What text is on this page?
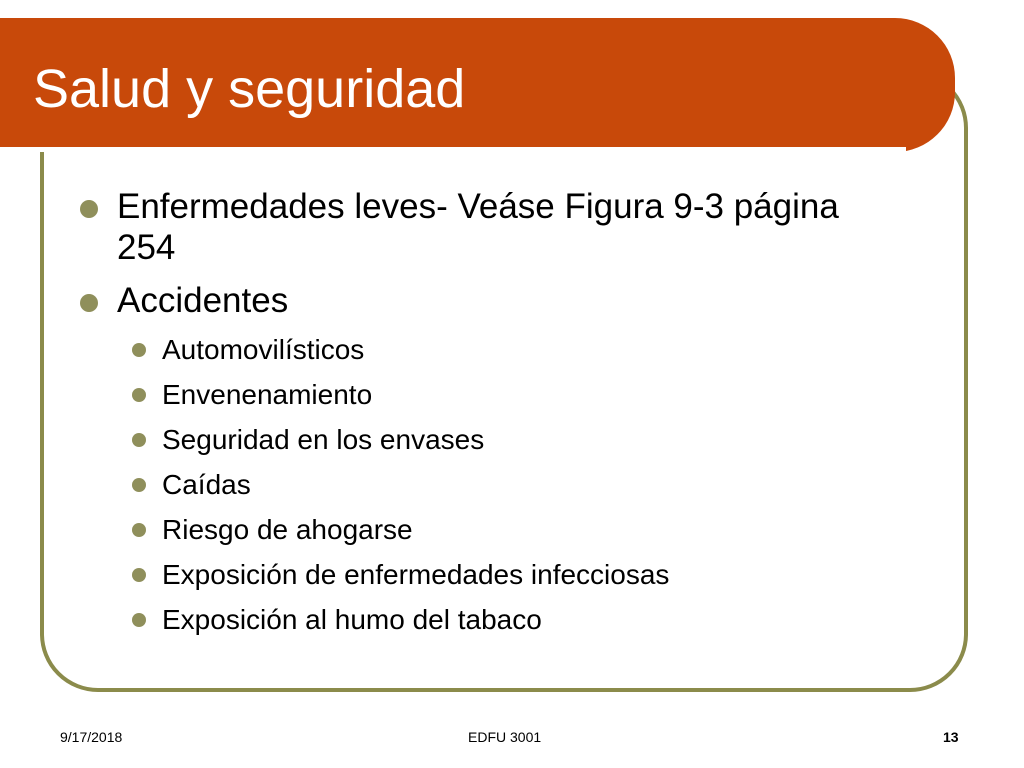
Salud y seguridad
Enfermedades leves- Veáse Figura 9-3 página
254
Accidentes
Automovilísticos
Envenenamiento
Seguridad en los envases
Caídas
Riesgo de ahogarse
Exposición de enfermedades infecciosas
Exposición al humo del tabaco
9/17/2018	EDFU 3001	13
